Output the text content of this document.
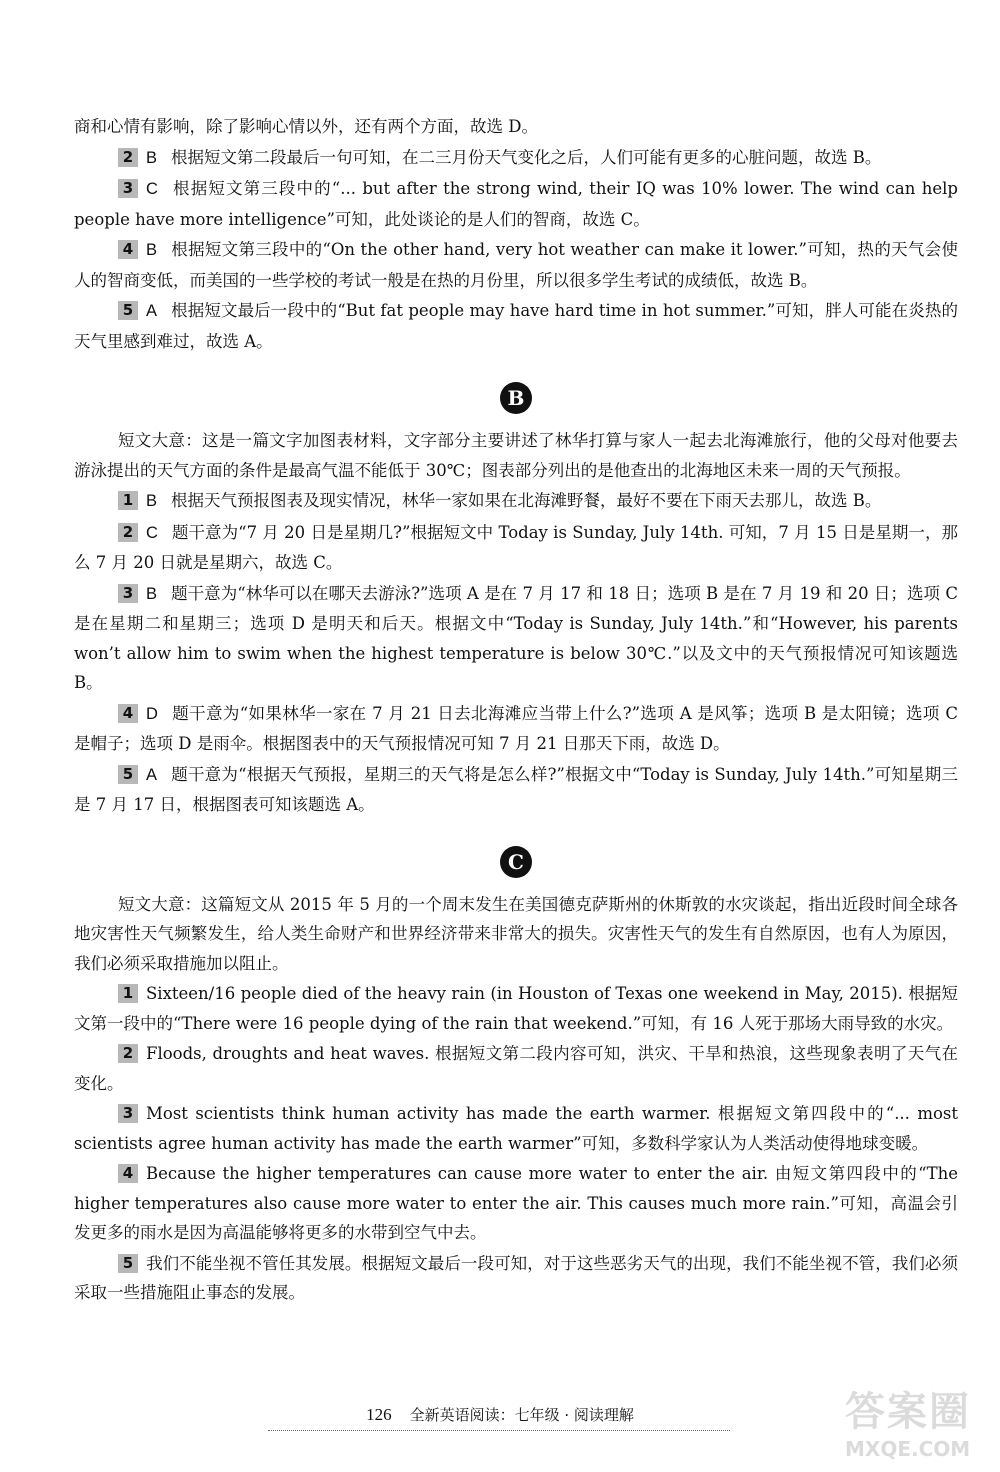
商和心情有影响，除了影响心情以外，还有两个方面，故选 D。

2 B 根据短文第二段最后一句可知，在二三月份天气变化之后，人们可能有更多的心脏问题，故选 B。

3 C 根据短文第三段中的“... but after the strong wind, their IQ was 10% lower. The wind can help people have more intelligence”可知，此处谈论的是人们的智商，故选 C。

4 B 根据短文第三段中的“On the other hand, very hot weather can make it lower.”可知，热的天气会使人的智商变低，而美国的一些学校的考试一般是在热的月份里，所以很多学生考试的成绩低，故选 B。

5 A 根据短文最后一段中的“But fat people may have hard time in hot summer.”可知，胖人可能在炎热的天气里感到难过，故选 A。

B

短文大意：这是一篇文字加图表材料，文字部分主要讲述了林华打算与家人一起去北海滩旅行，他的父母对他要去游泳提出的天气方面的条件是最高气温不能低于 30℃；图表部分列出的是他查出的北海地区未来一周的天气预报。

1 B 根据天气预报图表及现实情况，林华一家如果在北海滩野餐，最好不要在下雨天去那儿，故选 B。

2 C 题干意为“7 月 20 日是星期几?”根据短文中 Today is Sunday, July 14th. 可知，7 月 15 日是星期一，那么 7 月 20 日就是星期六，故选 C。

3 B 题干意为“林华可以在哪天去游泳?”选项 A 是在 7 月 17 和 18 日；选项 B 是在 7 月 19 和 20 日；选项 C 是在星期二和星期三；选项 D 是明天和后天。根据文中“Today is Sunday, July 14th.”和“However, his parents won’t allow him to swim when the highest temperature is below 30℃.”以及文中的天气预报情况可知该题选 B。

4 D 题干意为“如果林华一家在 7 月 21 日去北海滩应当带上什么?”选项 A 是风筝；选项 B 是太阳镜；选项 C 是帽子；选项 D 是雨伞。根据图表中的天气预报情况可知 7 月 21 日那天下雨，故选 D。

5 A 题干意为“根据天气预报，星期三的天气将是怎么样?”根据文中“Today is Sunday, July 14th.”可知星期三是 7 月 17 日，根据图表可知该题选 A。

C

短文大意：这篇短文从 2015 年 5 月的一个周末发生在美国德克萨斯州的休斯敦的水灾谈起，指出近段时间全球各地灾害性天气频繁发生，给人类生命财产和世界经济带来非常大的损失。灾害性天气的发生有自然原因，也有人为原因，我们必须采取措施加以阻止。

1 Sixteen/16 people died of the heavy rain (in Houston of Texas one weekend in May, 2015). 根据短文第一段中的“There were 16 people dying of the rain that weekend.”可知，有 16 人死于那场大雨导致的水灾。

2 Floods, droughts and heat waves. 根据短文第二段内容可知，洪灾、干旱和热浪，这些现象表明了天气在变化。

3 Most scientists think human activity has made the earth warmer. 根据短文第四段中的“... most scientists agree human activity has made the earth warmer”可知，多数科学家认为人类活动使得地球变暖。

4 Because the higher temperatures can cause more water to enter the air. 由短文第四段中的“The higher temperatures also cause more water to enter the air. This causes much more rain.”可知，高温会引发更多的雨水是因为高温能够将更多的水带到空气中去。

5 我们不能坐视不管任其发展。根据短文最后一段可知，对于这些恶劣天气的出现，我们不能坐视不管，我们必须采取一些措施阻止事态的发展。

126 全新英语阅读：七年级 · 阅读理解	答案圈
MXQE.COM
